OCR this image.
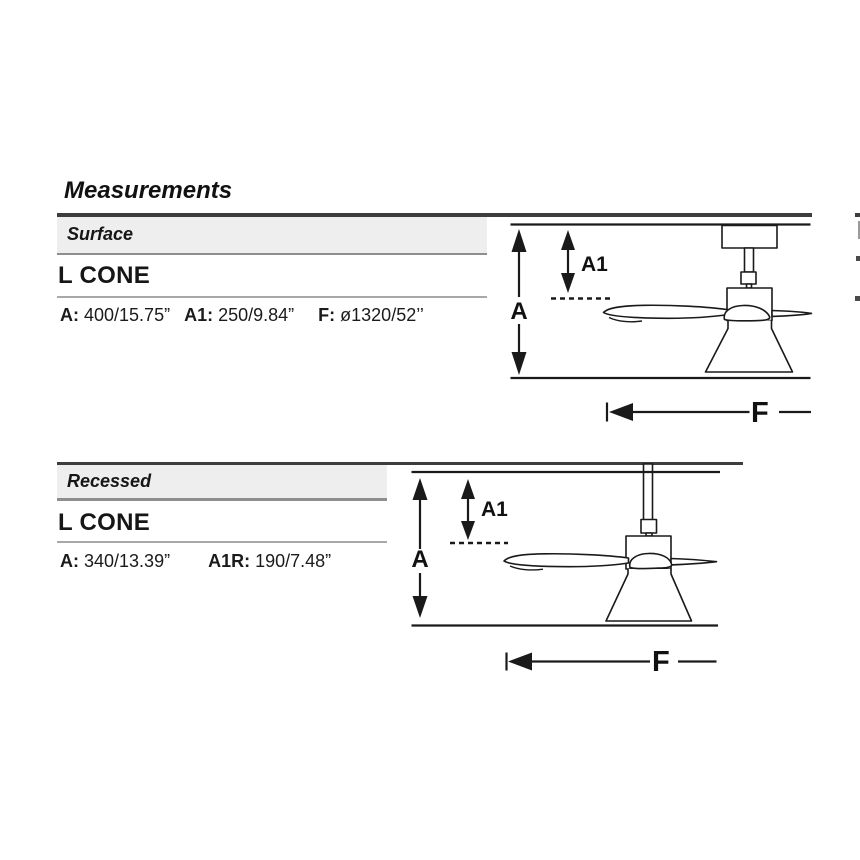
Measurements
Surface
L CONE
A: 400/15.75” A1: 250/9.84” F: ø1320/52’’	A
A1
F
Recessed
L CONE
A: 340/13.39” A1R: 190/7.48”	A
A1
F
